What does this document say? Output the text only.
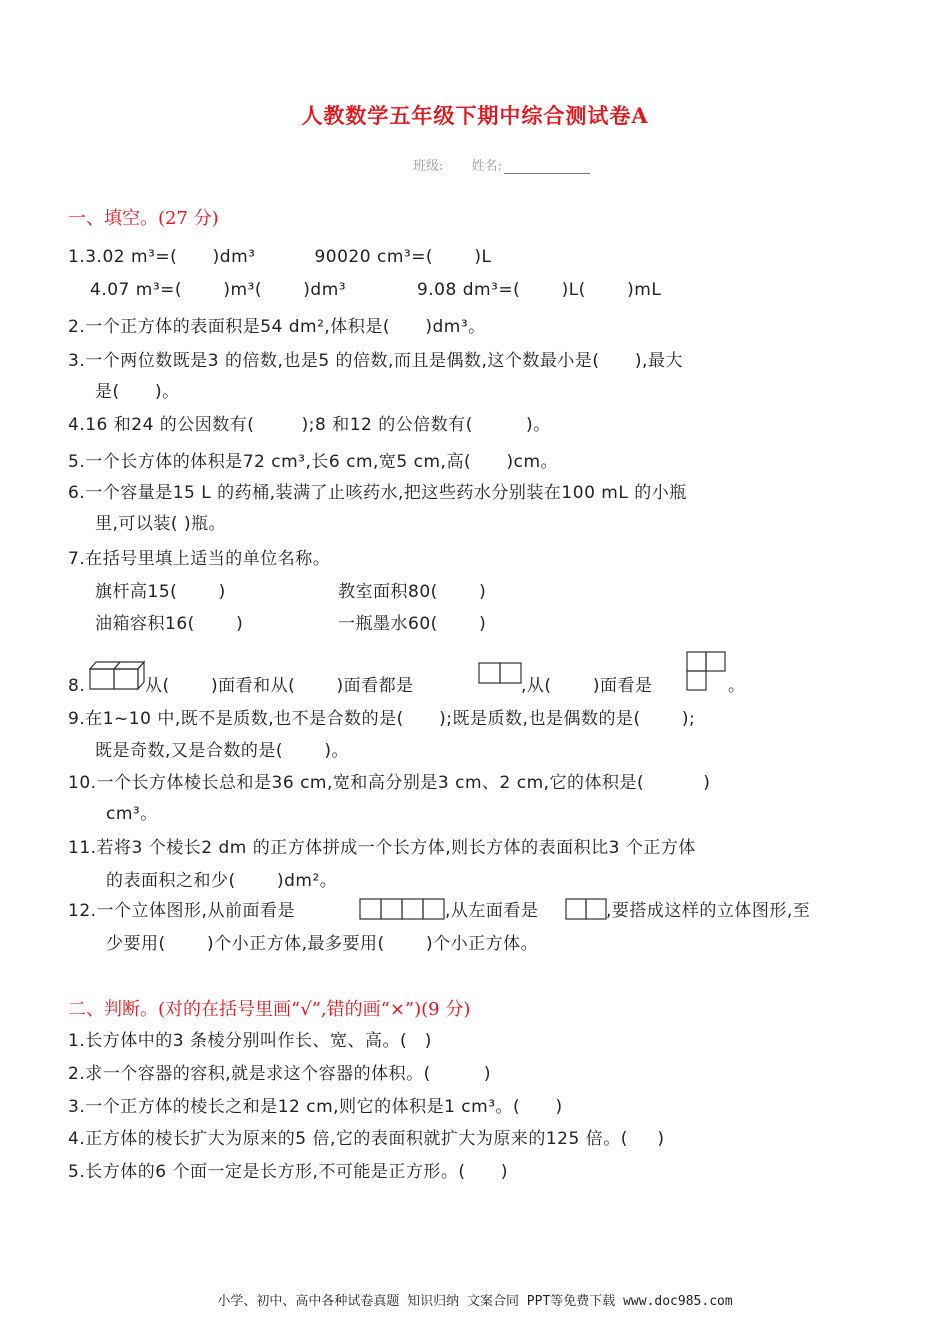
人教数学五年级下期中综合测试卷A
班级: 姓名:
一、填空。(27 分)
1.3.02 m³=(      )dm³          90020 cm³=(       )L
4.07 m³=(       )m³(       )dm³            9.08 dm³=(       )L(       )mL
2.一个正方体的表面积是54 dm²,体积是(      )dm³。
3.一个两位数既是3 的倍数,也是5 的倍数,而且是偶数,这个数最小是(      ),最大
是(      )。
4.16 和24 的公因数有(        );8 和12 的公倍数有(         )。
5.一个长方体的体积是72 cm³,长6 cm,宽5 cm,高(      )cm。
6.一个容量是15 L 的药桶,装满了止咳药水,把这些药水分别装在100 mL 的小瓶
里,可以装( )瓶。
7.在括号里填上适当的单位名称。
旗杆高15(       )	教室面积80(       )
油箱容积16(       )	一瓶墨水60(       )
8.	从(       )面看和从(       )面看都是	,从(       )面看是	。
9.在1~10 中,既不是质数,也不是合数的是(      );既是质数,也是偶数的是(       );
既是奇数,又是合数的是(       )。
10.一个长方体棱长总和是36 cm,宽和高分别是3 cm、2 cm,它的体积是(          )
cm³。
11.若将3 个棱长2 dm 的正方体拼成一个长方体,则长方体的表面积比3 个正方体
的表面积之和少(       )dm²。
12.一个立体图形,从前面看是	,从左面看是	,要搭成这样的立体图形,至
少要用(       )个小正方体,最多要用(       )个小正方体。
二、判断。(对的在括号里画“√”,错的画“×”)(9 分)
1.长方体中的3 条棱分别叫作长、宽、高。(   )
2.求一个容器的容积,就是求这个容器的体积。(         )
3.一个正方体的棱长之和是12 cm,则它的体积是1 cm³。(      )
4.正方体的棱长扩大为原来的5 倍,它的表面积就扩大为原来的125 倍。(     )
5.长方体的6 个面一定是长方形,不可能是正方形。(      )
小学、初中、高中各种试卷真题 知识归纳 文案合同 PPT等免费下载 www.doc985.com
